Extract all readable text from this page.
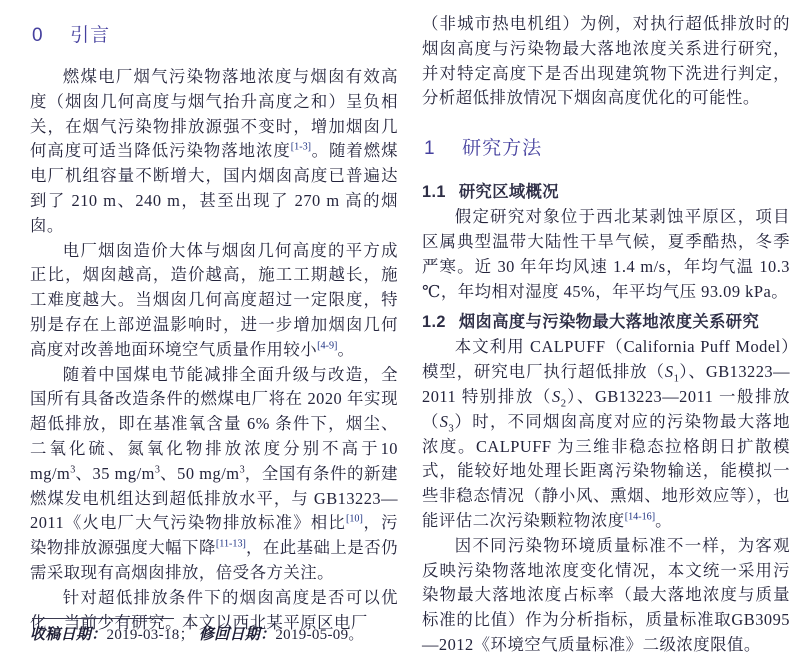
0 引言

燃煤电厂烟气污染物落地浓度与烟囱有效高度（烟囱几何高度与烟气抬升高度之和）呈负相关，在烟气污染物排放源强不变时，增加烟囱几何高度可适当降低污染物落地浓度[1-3]。随着燃煤电厂机组容量不断增大，国内烟囱高度已普遍达到了 210 m、240 m，甚至出现了 270 m 高的烟囱。

电厂烟囱造价大体与烟囱几何高度的平方成正比，烟囱越高，造价越高，施工工期越长，施工难度越大。当烟囱几何高度超过一定限度，特别是存在上部逆温影响时，进一步增加烟囱几何高度对改善地面环境空气质量作用较小[4-9]。

随着中国煤电节能减排全面升级与改造，全国所有具备改造条件的燃煤电厂将在 2020 年实现超低排放，即在基准氧含量 6% 条件下，烟尘、二氧化硫、氮氧化物排放浓度分别不高于10 $mg/m^3$、35 $mg/m^3$、50 $mg/m^3$，全国有条件的新建燃煤发电机组达到超低排放水平，与 GB13223—2011《火电厂大气污染物排放标准》相比[10]，污染物排放源强度大幅下降[11-13]，在此基础上是否仍需采取现有高烟囱排放，倍受各方关注。

针对超低排放条件下的烟囱高度是否可以优化，当前少有研究。本文以西北某平原区电厂

收稿日期：2019-03-18； 修回日期：2019-05-09。

（非城市热电机组）为例，对执行超低排放时的烟囱高度与污染物最大落地浓度关系进行研究，并对特定高度下是否出现建筑物下洗进行判定，分析超低排放情况下烟囱高度优化的可能性。

1 研究方法
1.1 研究区域概况

假定研究对象位于西北某剥蚀平原区，项目区属典型温带大陆性干旱气候，夏季酷热，冬季严寒。近 30 年年均风速 1.4 m/s，年均气温 10.3 ℃，年均相对湿度 45%，年平均气压 93.09 kPa。

1.2 烟囱高度与污染物最大落地浓度关系研究

本文利用 CALPUFF（California Puff Model）模型，研究电厂执行超低排放$(S_1)$、GB13223—2011 特别排放$(S_2)$、GB13223—2011 一般排放$(S_3)$时，不同烟囱高度对应的污染物最大落地浓度。CALPUFF 为三维非稳态拉格朗日扩散模式，能较好地处理长距离污染物输送，能模拟一些非稳态情况（静小风、熏烟、地形效应等），也能评估二次污染颗粒物浓度[14-16]。

因不同污染物环境质量标准不一样，为客观反映污染物落地浓度变化情况，本文统一采用污染物最大落地浓度占标率（最大落地浓度与质量标准的比值）作为分析指标，质量标准取GB3095—2012《环境空气质量标准》二级浓度限值。
